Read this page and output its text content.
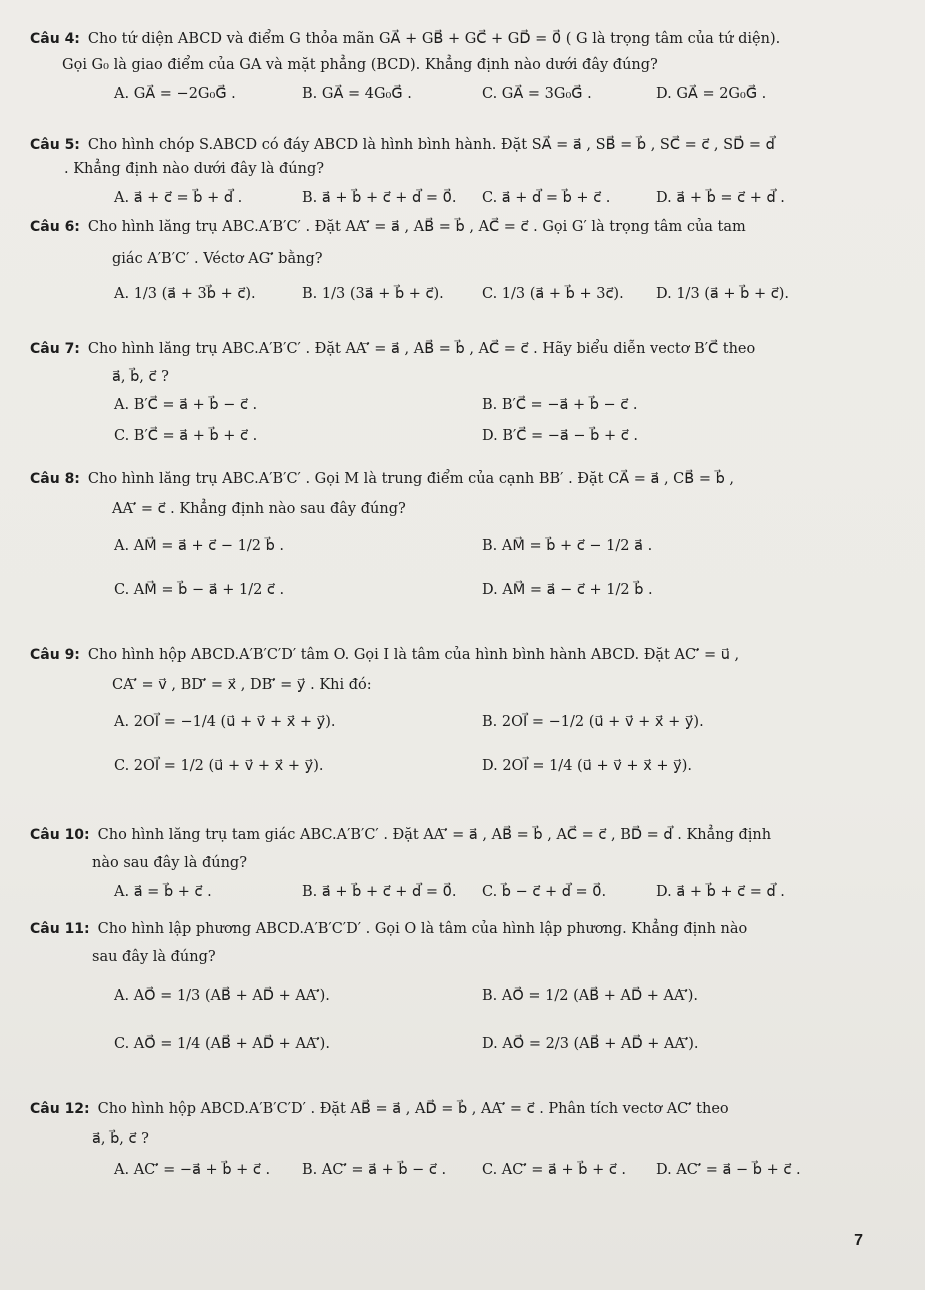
Câu 4: Cho tứ diện ABCD và điểm G thỏa mãn GA⃗ + GB⃗ + GC⃗ + GD⃗ = 0⃗ ( G là trọng tâm của tứ diện).
Gọi G₀ là giao điểm của GA và mặt phẳng (BCD). Khẳng định nào dưới đây đúng?
A. GA⃗ = −2G₀G⃗ .	B. GA⃗ = 4G₀G⃗ .	C. GA⃗ = 3G₀G⃗ .	D. GA⃗ = 2G₀G⃗ .
Câu 5: Cho hình chóp S.ABCD có đáy ABCD là hình bình hành. Đặt SA⃗ = a⃗ , SB⃗ = b⃗ , SC⃗ = c⃗ , SD⃗ = d⃗
. Khẳng định nào dưới đây là đúng?
A. a⃗ + c⃗ = b⃗ + d⃗ .	B. a⃗ + b⃗ + c⃗ + d⃗ = 0⃗. C. a⃗ + d⃗ = b⃗ + c⃗ .	D. a⃗ + b⃗ = c⃗ + d⃗ .
Câu 6: Cho hình lăng trụ ABC.A′B′C′ . Đặt AA′⃗ = a⃗ , AB⃗ = b⃗ , AC⃗ = c⃗ . Gọi G′ là trọng tâm của tam
giác A′B′C′ . Véctơ AG′⃗ bằng?
A. 1/3 (a⃗ + 3b⃗ + c⃗).	B. 1/3 (3a⃗ + b⃗ + c⃗).	C. 1/3 (a⃗ + b⃗ + 3c⃗). D. 1/3 (a⃗ + b⃗ + c⃗).
Câu 7: Cho hình lăng trụ ABC.A′B′C′ . Đặt AA′⃗ = a⃗ , AB⃗ = b⃗ , AC⃗ = c⃗ . Hãy biểu diễn vectơ B′C⃗ theo
a⃗, b⃗, c⃗ ?
A. B′C⃗ = a⃗ + b⃗ − c⃗ .	B. B′C⃗ = −a⃗ + b⃗ − c⃗ .
C. B′C⃗ = a⃗ + b⃗ + c⃗ .	D. B′C⃗ = −a⃗ − b⃗ + c⃗ .
Câu 8: Cho hình lăng trụ ABC.A′B′C′ . Gọi M là trung điểm của cạnh BB′ . Đặt CA⃗ = a⃗ , CB⃗ = b⃗ ,
AA′⃗ = c⃗ . Khẳng định nào sau đây đúng?
A. AM⃗ = a⃗ + c⃗ − 1/2 b⃗ .	B. AM⃗ = b⃗ + c⃗ − 1/2 a⃗ .
C. AM⃗ = b⃗ − a⃗ + 1/2 c⃗ .	D. AM⃗ = a⃗ − c⃗ + 1/2 b⃗ .
Câu 9: Cho hình hộp ABCD.A′B′C′D′ tâm O. Gọi I là tâm của hình bình hành ABCD. Đặt AC′⃗ = u⃗ ,
CA′⃗ = v⃗ , BD′⃗ = x⃗ , DB′⃗ = y⃗ . Khi đó:
A. 2OI⃗ = −1/4 (u⃗ + v⃗ + x⃗ + y⃗).	B. 2OI⃗ = −1/2 (u⃗ + v⃗ + x⃗ + y⃗).
C. 2OI⃗ = 1/2 (u⃗ + v⃗ + x⃗ + y⃗).	D. 2OI⃗ = 1/4 (u⃗ + v⃗ + x⃗ + y⃗).
Câu 10: Cho hình lăng trụ tam giác ABC.A′B′C′ . Đặt AA′⃗ = a⃗ , AB⃗ = b⃗ , AC⃗ = c⃗ , BD⃗ = d⃗ . Khẳng định
nào sau đây là đúng?
A. a⃗ = b⃗ + c⃗ .	B. a⃗ + b⃗ + c⃗ + d⃗ = 0⃗. C. b⃗ − c⃗ + d⃗ = 0⃗.	D. a⃗ + b⃗ + c⃗ = d⃗ .
Câu 11: Cho hình lập phương ABCD.A′B′C′D′ . Gọi O là tâm của hình lập phương. Khẳng định nào
sau đây là đúng?
A. AO⃗ = 1/3 (AB⃗ + AD⃗ + AA′⃗).	B. AO⃗ = 1/2 (AB⃗ + AD⃗ + AA′⃗).
C. AO⃗ = 1/4 (AB⃗ + AD⃗ + AA′⃗).	D. AO⃗ = 2/3 (AB⃗ + AD⃗ + AA′⃗).
Câu 12: Cho hình hộp ABCD.A′B′C′D′ . Đặt AB⃗ = a⃗ , AD⃗ = b⃗ , AA′⃗ = c⃗ . Phân tích vectơ AC′⃗ theo
a⃗, b⃗, c⃗ ?
A. AC′⃗ = −a⃗ + b⃗ + c⃗ . B. AC′⃗ = a⃗ + b⃗ − c⃗ . C. AC′⃗ = a⃗ + b⃗ + c⃗ . D. AC′⃗ = a⃗ − b⃗ + c⃗ .
7
